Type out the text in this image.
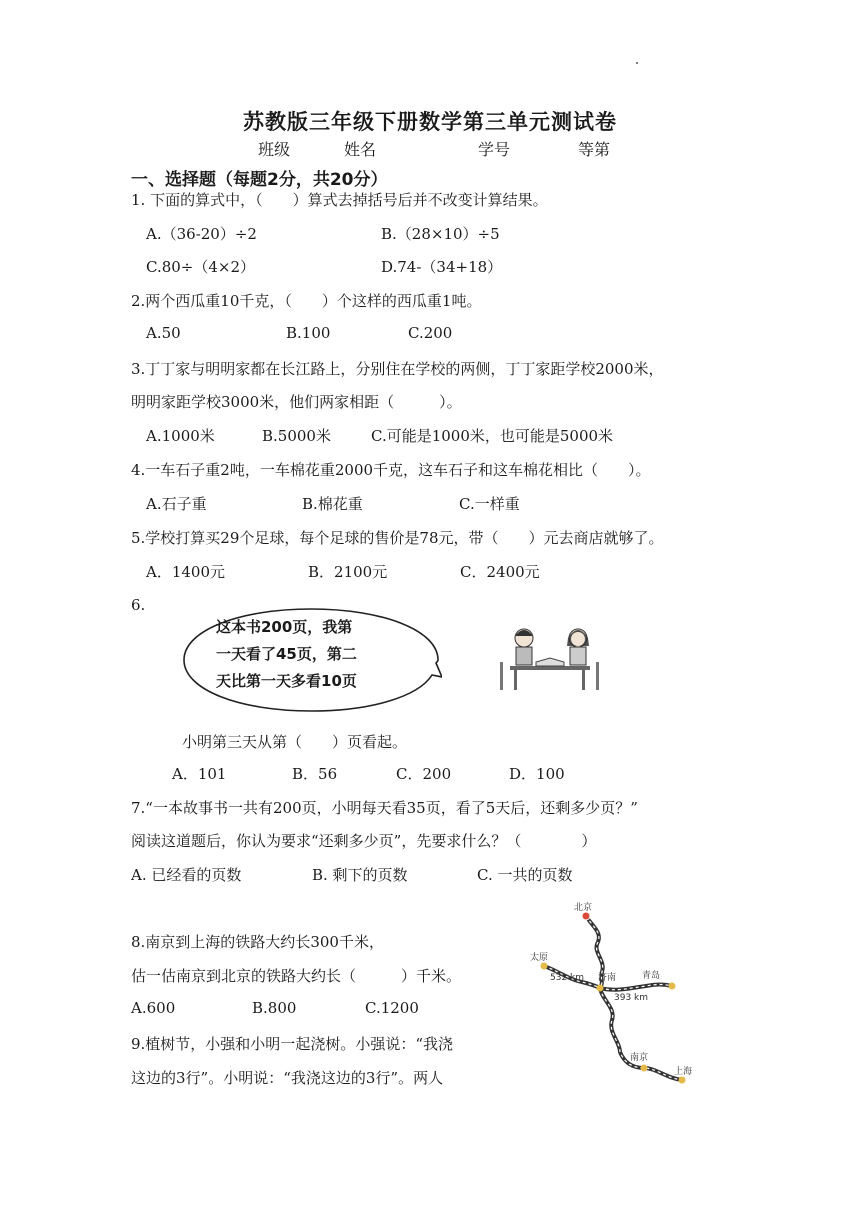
苏教版三年级下册数学第三单元测试卷
班级	姓名	学号	等第
一、选择题（每题2分，共20分）
1. 下面的算式中，（　　）算式去掉括号后并不改变计算结果。
A.（36-20）÷2	B.（28×10）÷5
C.80÷（4×2）	D.74-（34+18）
2.两个西瓜重10千克，（　　）个这样的西瓜重1吨。
A.50	B.100	C.200
3.丁丁家与明明家都在长江路上，分别住在学校的两侧，丁丁家距学校2000米，
明明家距学校3000米，他们两家相距（　　　）。
A.1000米	B.5000米	C.可能是1000米，也可能是5000米
4.一车石子重2吨，一车棉花重2000千克，这车石子和这车棉花相比（　　）。
A.石子重	B.棉花重	C.一样重
5.学校打算买29个足球，每个足球的售价是78元，带（　　）元去商店就够了。
A．1400元	B．2100元	C．2400元
6.
这本书200页，我第
一天看了45页，第二
天比第一天多看10页
小明第三天从第（　　）页看起。
A．101	B．56	C．200	D．100
7.“一本故事书一共有200页，小明每天看35页，看了5天后，还剩多少页？”
阅读这道题后，你认为要求“还剩多少页”，先要求什么？（　　　　）
A. 已经看的页数	B. 剩下的页数	C. 一共的页数
8.南京到上海的铁路大约长300千米，
估一估南京到北京的铁路大约长（　　　）千米。
A.600	B.800	C.1200
北京
太原
济南	青岛
南京
上海
532 km
393 km
9.植树节，小强和小明一起浇树。小强说：“我浇
这边的3行”。小明说：“我浇这边的3行”。两人
